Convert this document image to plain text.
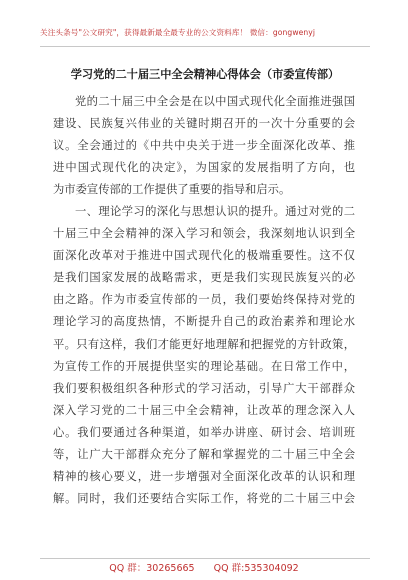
关注头条号"公文研究"，获得最新最全最专业的公文资料库！ 微信：gongwenyj
学习党的二十届三中全会精神心得体会（市委宣传部）
党的二十届三中全会是在以中国式现代化全面推进强国
建设、民族复兴伟业的关键时期召开的一次十分重要的会
议。全会通过的《中共中央关于进一步全面深化改革、推
进中国式现代化的决定》，为国家的发展指明了方向，也
为市委宣传部的工作提供了重要的指导和启示。
一、理论学习的深化与思想认识的提升。通过对党的二
十届三中全会精神的深入学习和领会，我深刻地认识到全
面深化改革对于推进中国式现代化的极端重要性。这不仅
是我们国家发展的战略需求，更是我们实现民族复兴的必
由之路。作为市委宣传部的一员，我们要始终保持对党的
理论学习的高度热情，不断提升自己的政治素养和理论水
平。只有这样，我们才能更好地理解和把握党的方针政策，
为宣传工作的开展提供坚实的理论基础。在日常工作中，
我们要积极组织各种形式的学习活动，引导广大干部群众
深入学习党的二十届三中全会精神，让改革的理念深入人
心。我们要通过各种渠道，如举办讲座、研讨会、培训班
等，让广大干部群众充分了解和掌握党的二十届三中全会
精神的核心要义，进一步增强对全面深化改革的认识和理
解。同时，我们还要结合实际工作，将党的二十届三中会
QQ 群：30265665 QQ 群:535304092
